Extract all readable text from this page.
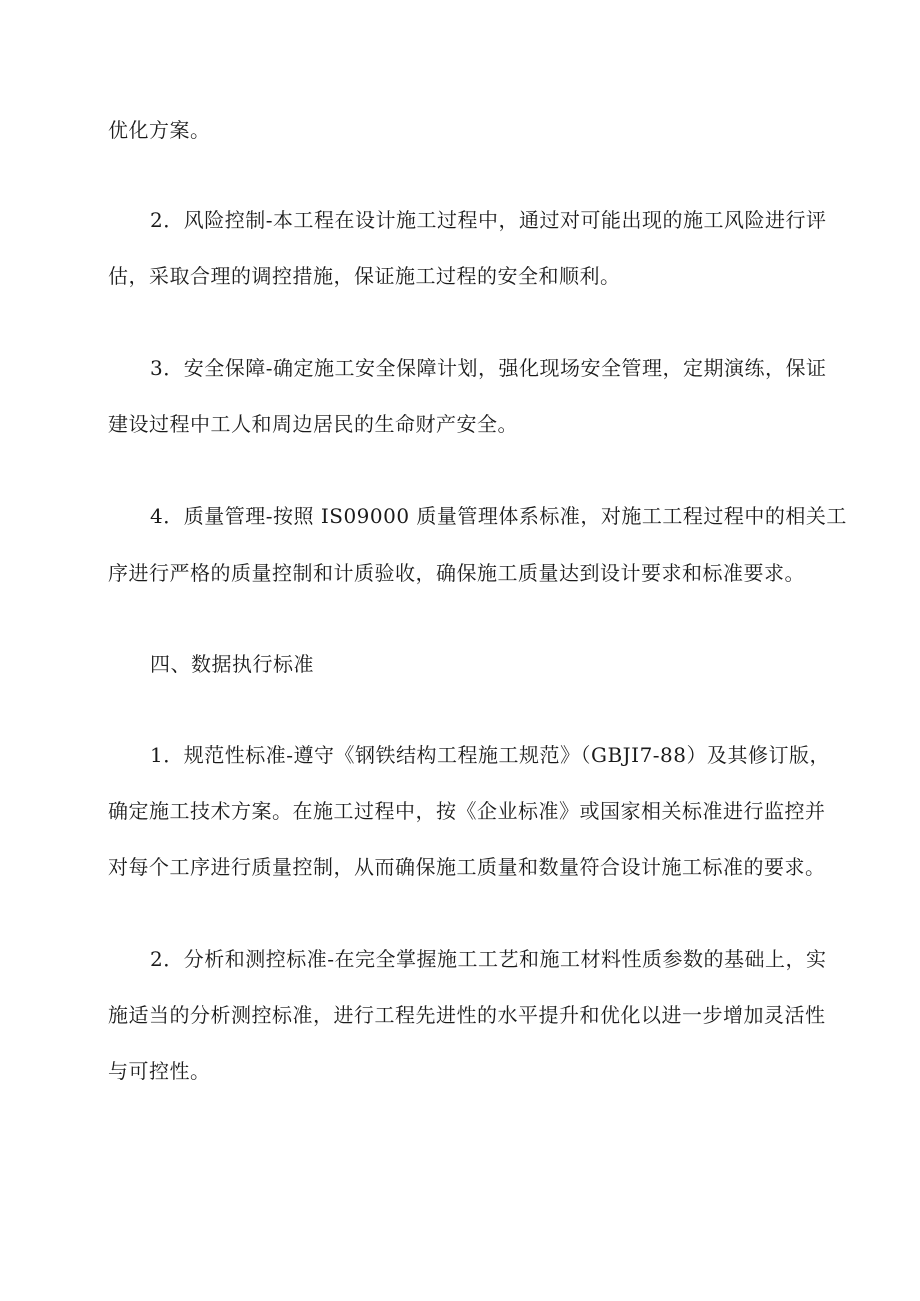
优化方案。
2．风险控制-本工程在设计施工过程中，通过对可能出现的施工风险进行评
估，采取合理的调控措施，保证施工过程的安全和顺利。
3．安全保障-确定施工安全保障计划，强化现场安全管理，定期演练，保证
建设过程中工人和周边居民的生命财产安全。
4．质量管理-按照 IS09000 质量管理体系标准，对施工工程过程中的相关工
序进行严格的质量控制和计质验收，确保施工质量达到设计要求和标准要求。
四、数据执行标准
1．规范性标准-遵守《钢铁结构工程施工规范》（GBJI7-88）及其修订版，
确定施工技术方案。在施工过程中，按《企业标准》或国家相关标准进行监控并
对每个工序进行质量控制，从而确保施工质量和数量符合设计施工标准的要求。
2．分析和测控标准-在完全掌握施工工艺和施工材料性质参数的基础上，实
施适当的分析测控标准，进行工程先进性的水平提升和优化以进一步增加灵活性
与可控性。
